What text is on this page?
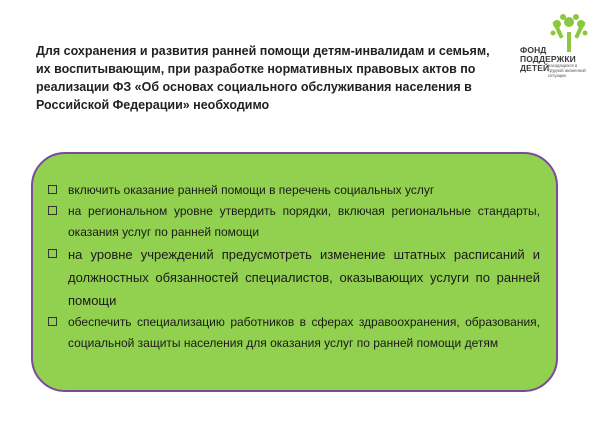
Для сохранения и развития ранней помощи детям-инвалидам и семьям, их воспитывающим, при разработке нормативных правовых актов по реализации ФЗ «Об основах социального обслуживания населения в Российской Федерации» необходимо
ФОНД
ПОДДЕРЖКИ
ДЕТЕЙ
находящихся в трудной жизненной ситуации
включить оказание ранней помощи в перечень социальных услуг
на региональном уровне утвердить порядки, включая региональные стандарты, оказания услуг по ранней помощи
на уровне учреждений предусмотреть изменение штатных расписаний и должностных обязанностей специалистов, оказывающих услуги по ранней помощи
обеспечить специализацию работников в сферах здравоохранения, образования, социальной защиты населения для оказания услуг по ранней помощи детям
